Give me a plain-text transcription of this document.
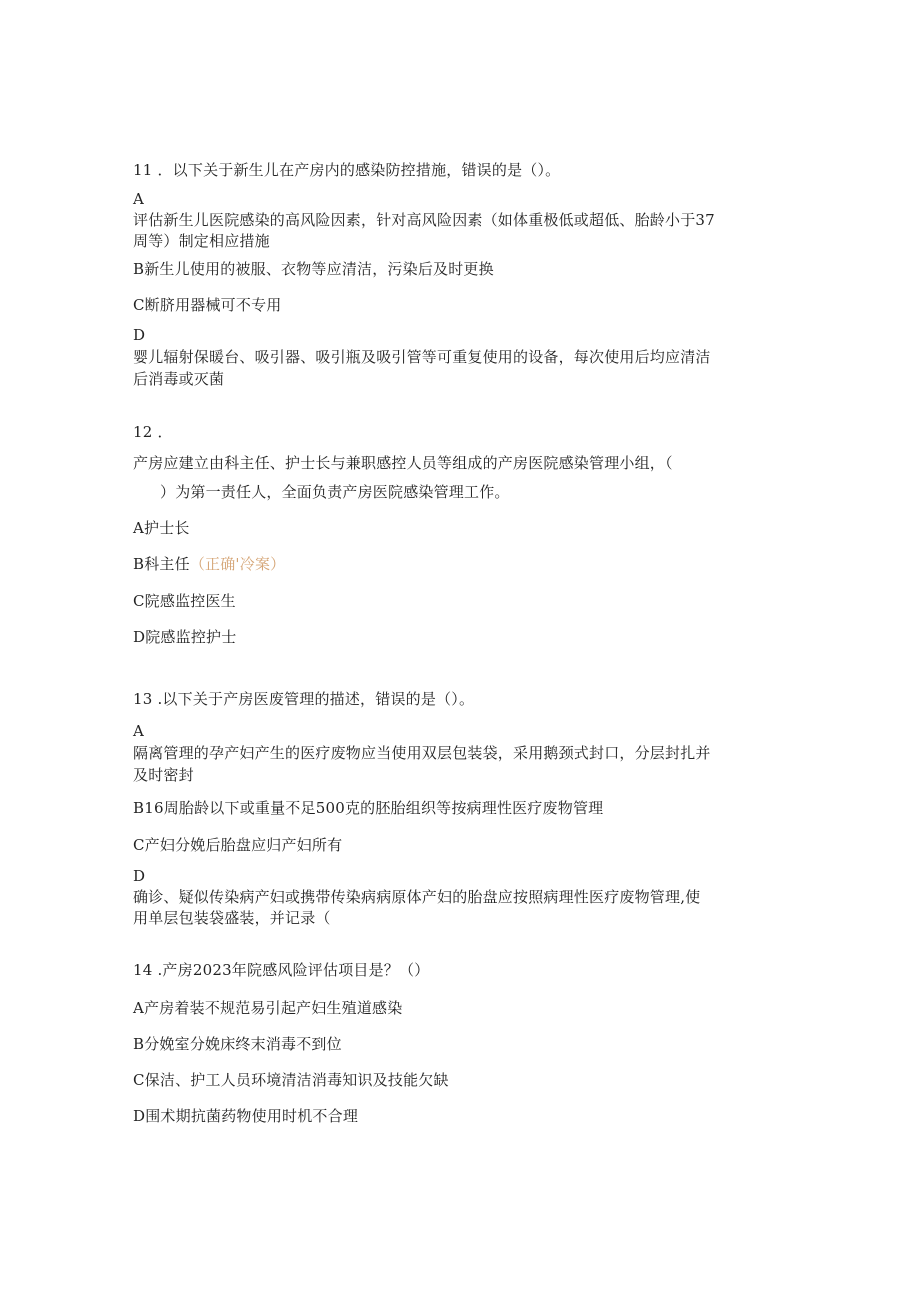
11 ．以下关于新生儿在产房内的感染防控措施，错误的是（）。
A
评估新生儿医院感染的高风险因素，针对高风险因素（如体重极低或超低、胎龄小于37
周等）制定相应措施
B新生儿使用的被服、衣物等应清洁，污染后及时更换
C断脐用器械可不专用
D
婴儿辐射保暖台、吸引器、吸引瓶及吸引管等可重复使用的设备，每次使用后均应清洁
后消毒或灭菌
12 ．
产房应建立由科主任、护士长与兼职感控人员等组成的产房医院感染管理小组，（
）为第一责任人，全面负责产房医院感染管理工作。
A护士长
B科主任（正确'冷案）
C院感监控医生
D院感监控护士
13 .以下关于产房医废管理的描述，错误的是（）。
A
隔离管理的孕产妇产生的医疗废物应当使用双层包装袋，采用鹅颈式封口，分层封扎并
及时密封
B16周胎龄以下或重量不足500克的胚胎组织等按病理性医疗废物管理
C产妇分娩后胎盘应归产妇所有
D
确诊、疑似传染病产妇或携带传染病病原体产妇的胎盘应按照病理性医疗废物管理,使
用单层包装袋盛装，并记录（
14 .产房2023年院感风险评估项目是？（）
A产房着装不规范易引起产妇生殖道感染
B分娩室分娩床终末消毒不到位
C保洁、护工人员环境清洁消毒知识及技能欠缺
D围术期抗菌药物使用时机不合理
